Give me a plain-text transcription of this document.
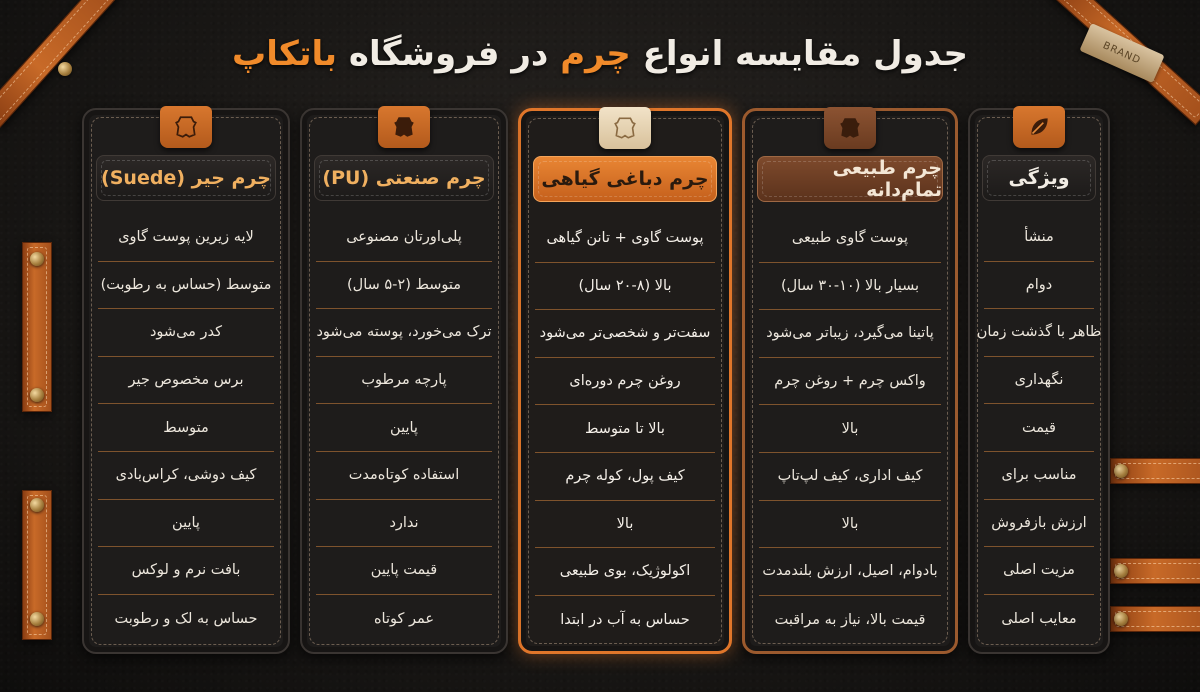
BRAND
جدول مقایسه انواع چرم در فروشگاه باتکاپ
ویژگی
منشأ
دوام
ظاهر با گذشت زمان
نگهداری
قیمت
مناسب برای
ارزش بازفروش
مزیت اصلی
معایب اصلی
چرم طبیعی تمام‌دانه
پوست گاوی طبیعی
بسیار بالا (۱۰-۳۰ سال)
پاتینا می‌گیرد، زیباتر می‌شود
واکس چرم + روغن چرم
بالا
کیف اداری، کیف لپ‌تاپ
بالا
بادوام، اصیل، ارزش بلندمدت
قیمت بالا، نیاز به مراقبت
چرم دباغی گیاهی
پوست گاوی + تانن گیاهی
بالا (۸-۲۰ سال)
سفت‌تر و شخصی‌تر می‌شود
روغن چرم دوره‌ای
بالا تا متوسط
کیف پول، کوله چرم
بالا
اکولوژیک، بوی طبیعی
حساس به آب در ابتدا
چرم صنعتی (PU)
پلی‌اورتان مصنوعی
متوسط (۲-۵ سال)
ترک می‌خورد، پوسته می‌شود
پارچه مرطوب
پایین
استفاده کوتاه‌مدت
ندارد
قیمت پایین
عمر کوتاه
چرم جیر (Suede)
لایه زیرین پوست گاوی
متوسط (حساس به رطوبت)
کدر می‌شود
برس مخصوص جیر
متوسط
کیف دوشی، کراس‌بادی
پایین
بافت نرم و لوکس
حساس به لک و رطوبت
